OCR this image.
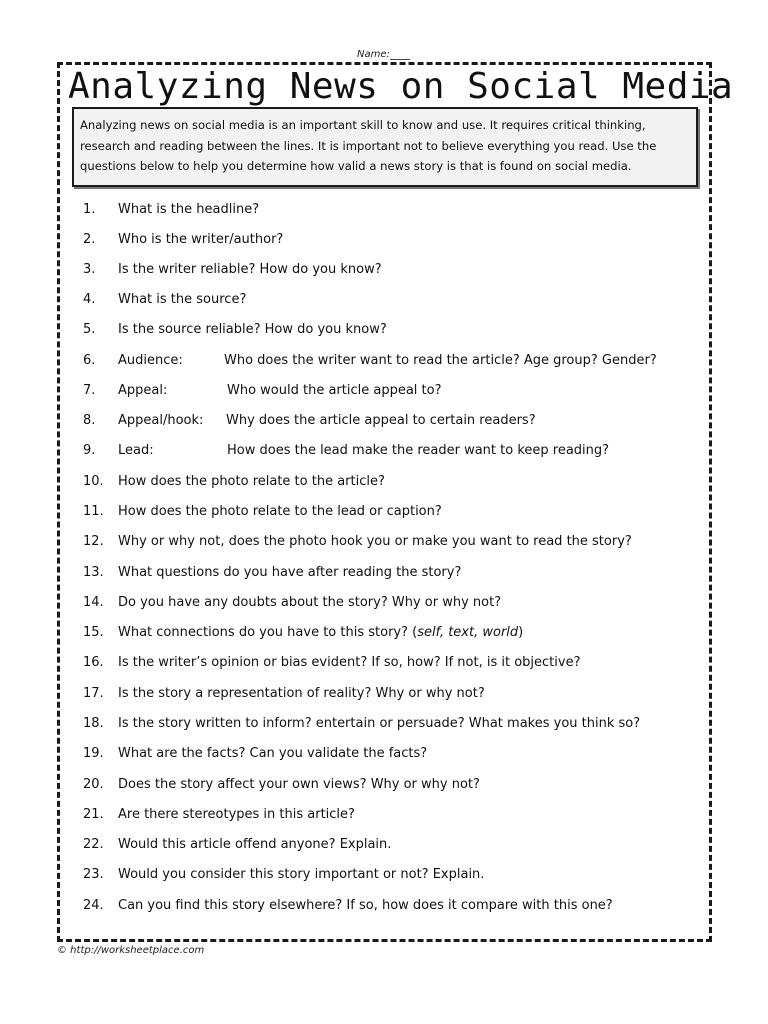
Name:
Analyzing News on Social Media
Analyzing news on social media is an important skill to know and use. It requires critical thinking, research and reading between the lines. It is important not to believe everything you read. Use the questions below to help you determine how valid a news story is that is found on social media.
1. What is the headline?
2. Who is the writer/author?
3. Is the writer reliable? How do you know?
4. What is the source?
5. Is the source reliable? How do you know?
6. Audience:	Who does the writer want to read the article? Age group? Gender?
7. Appeal:	Who would the article appeal to?
8. Appeal/hook: Why does the article appeal to certain readers?
9. Lead:	How does the lead make the reader want to keep reading?
10. How does the photo relate to the article?
11. How does the photo relate to the lead or caption?
12. Why or why not, does the photo hook you or make you want to read the story?
13. What questions do you have after reading the story?
14. Do you have any doubts about the story? Why or why not?
15. What connections do you have to this story? (self, text, world)
16. Is the writer’s opinion or bias evident? If so, how? If not, is it objective?
17. Is the story a representation of reality? Why or why not?
18. Is the story written to inform? entertain or persuade? What makes you think so?
19. What are the facts? Can you validate the facts?
20. Does the story affect your own views? Why or why not?
21. Are there stereotypes in this article?
22. Would this article offend anyone? Explain.
23. Would you consider this story important or not? Explain.
24. Can you find this story elsewhere? If so, how does it compare with this one?
© http://worksheetplace.com
